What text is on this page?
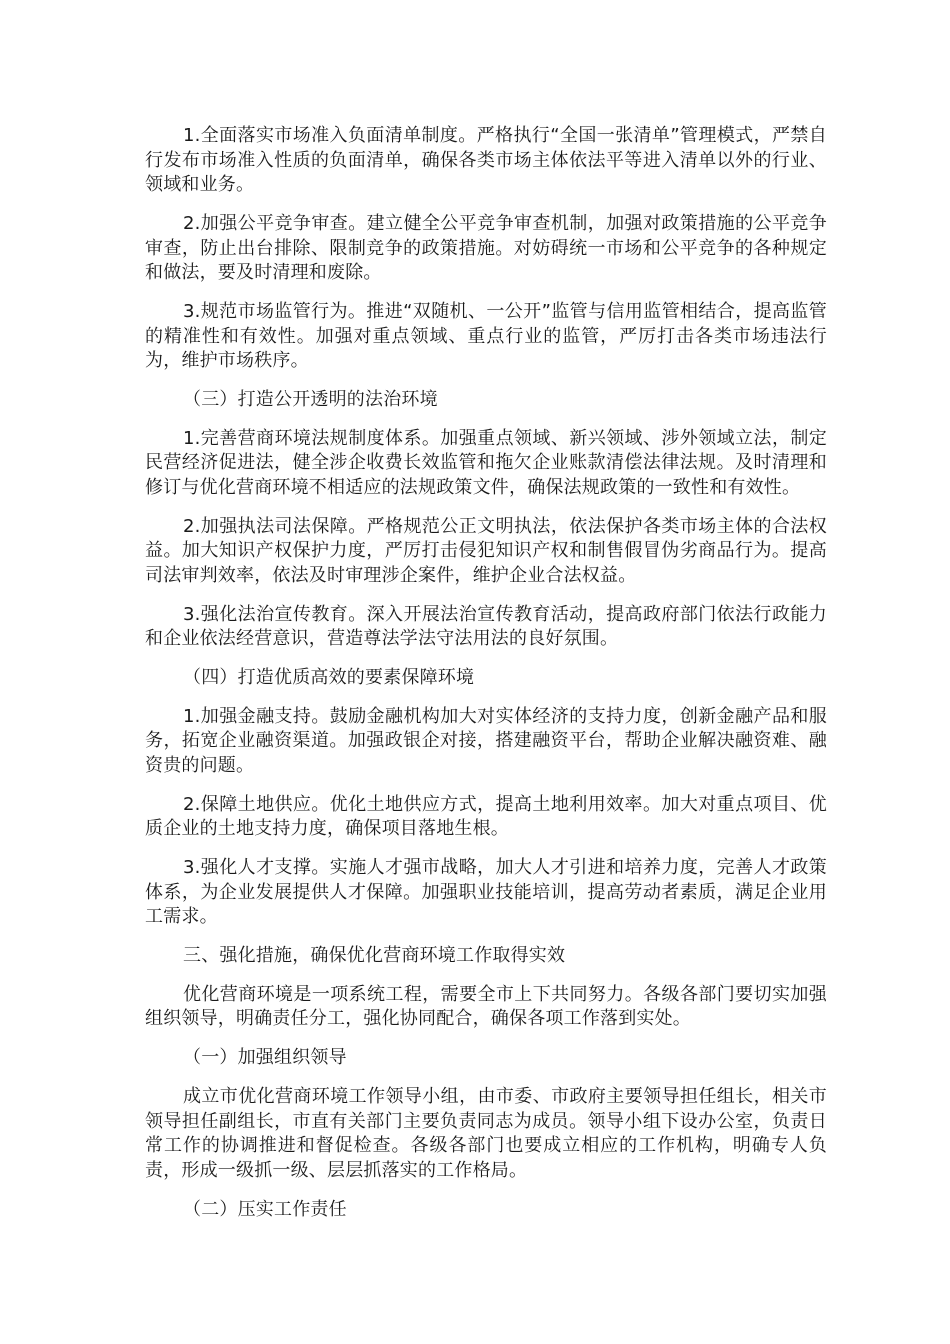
1.全面落实市场准入负面清单制度。严格执行“全国一张清单”管理模式，严禁自行发布市场准入性质的负面清单，确保各类市场主体依法平等进入清单以外的行业、领域和业务。

2.加强公平竞争审查。建立健全公平竞争审查机制，加强对政策措施的公平竞争审查，防止出台排除、限制竞争的政策措施。对妨碍统一市场和公平竞争的各种规定和做法，要及时清理和废除。

3.规范市场监管行为。推进“双随机、一公开”监管与信用监管相结合，提高监管的精准性和有效性。加强对重点领域、重点行业的监管，严厉打击各类市场违法行为，维护市场秩序。

（三）打造公开透明的法治环境

1.完善营商环境法规制度体系。加强重点领域、新兴领域、涉外领域立法，制定民营经济促进法，健全涉企收费长效监管和拖欠企业账款清偿法律法规。及时清理和修订与优化营商环境不相适应的法规政策文件，确保法规政策的一致性和有效性。

2.加强执法司法保障。严格规范公正文明执法，依法保护各类市场主体的合法权益。加大知识产权保护力度，严厉打击侵犯知识产权和制售假冒伪劣商品行为。提高司法审判效率，依法及时审理涉企案件，维护企业合法权益。

3.强化法治宣传教育。深入开展法治宣传教育活动，提高政府部门依法行政能力和企业依法经营意识，营造尊法学法守法用法的良好氛围。

（四）打造优质高效的要素保障环境

1.加强金融支持。鼓励金融机构加大对实体经济的支持力度，创新金融产品和服务，拓宽企业融资渠道。加强政银企对接，搭建融资平台，帮助企业解决融资难、融资贵的问题。

2.保障土地供应。优化土地供应方式，提高土地利用效率。加大对重点项目、优质企业的土地支持力度，确保项目落地生根。

3.强化人才支撑。实施人才强市战略，加大人才引进和培养力度，完善人才政策体系，为企业发展提供人才保障。加强职业技能培训，提高劳动者素质，满足企业用工需求。

三、强化措施，确保优化营商环境工作取得实效

优化营商环境是一项系统工程，需要全市上下共同努力。各级各部门要切实加强组织领导，明确责任分工，强化协同配合，确保各项工作落到实处。

（一）加强组织领导

成立市优化营商环境工作领导小组，由市委、市政府主要领导担任组长，相关市领导担任副组长，市直有关部门主要负责同志为成员。领导小组下设办公室，负责日常工作的协调推进和督促检查。各级各部门也要成立相应的工作机构，明确专人负责，形成一级抓一级、层层抓落实的工作格局。

（二）压实工作责任
